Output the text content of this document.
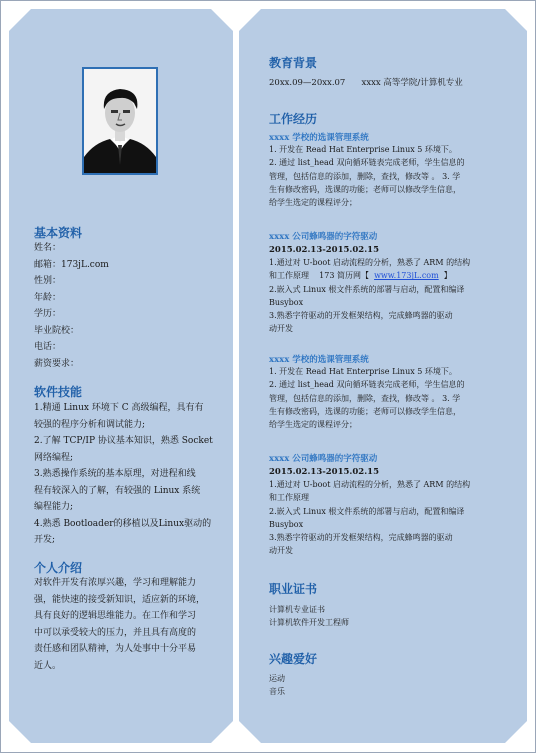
基本资料
姓名：
邮箱：173jL.com
性别：
年龄：
学历：
毕业院校：
电话：
薪资要求：
软件技能
1.精通 Linux 环境下 C 高级编程，具有有
较强的程序分析和调试能力;
2.了解 TCP/IP 协议基本知识，熟悉 Socket
网络编程;
3.熟悉操作系统的基本原理，对进程和线
程有较深入的了解，有较强的 Linux 系统
编程能力;
4.熟悉 Bootloader的移植以及Linux驱动的
开发;
个人介绍
对软件开发有浓厚兴趣，学习和理解能力
强，能快速的接受新知识，适应新的环境，
具有良好的逻辑思维能力。在工作和学习
中可以承受较大的压力，并且具有高度的
责任感和团队精神，为人处事中十分平易
近人。
教育背景

20xx.09—20xx.07      xxxx 高等学院/计算机专业

工作经历

xxxx 学校的选课管理系统

1. 开发在 Read Hat Enterprise Linux 5 环境下。

2. 通过 list_head 双向循环链表完成老师，学生信息的

管理，包括信息的添加，删除，查找，修改等 。 3. 学

生有修改密码，选课的功能；老师可以修改学生信息，

给学生选定的课程评分；

xxxx 公司蜂鸣器的字符驱动

2015.02.13-2015.02.15

1.通过对 U-boot 启动流程的分析，熟悉了 ARM 的结构

和工作原理    173 简历网【  www.173jL.com  】

2.嵌入式 Linux 根文件系统的部署与启动，配置和编译

Busybox

3.熟悉字符驱动的开发框架结构，完成蜂鸣器的驱动

动开发

xxxx 学校的选课管理系统

1. 开发在 Read Hat Enterprise Linux 5 环境下。

2. 通过 list_head 双向循环链表完成老师，学生信息的

管理，包括信息的添加，删除，查找，修改等 。 3. 学

生有修改密码，选课的功能；老师可以修改学生信息，

给学生选定的课程评分；

xxxx 公司蜂鸣器的字符驱动

2015.02.13-2015.02.15

1.通过对 U-boot 启动流程的分析，熟悉了 ARM 的结构

和工作原理

2.嵌入式 Linux 根文件系统的部署与启动，配置和编译

Busybox

3.熟悉字符驱动的开发框架结构，完成蜂鸣器的驱动

动开发

职业证书

计算机专业证书

计算机软件开发工程师

兴趣爱好

运动

音乐
